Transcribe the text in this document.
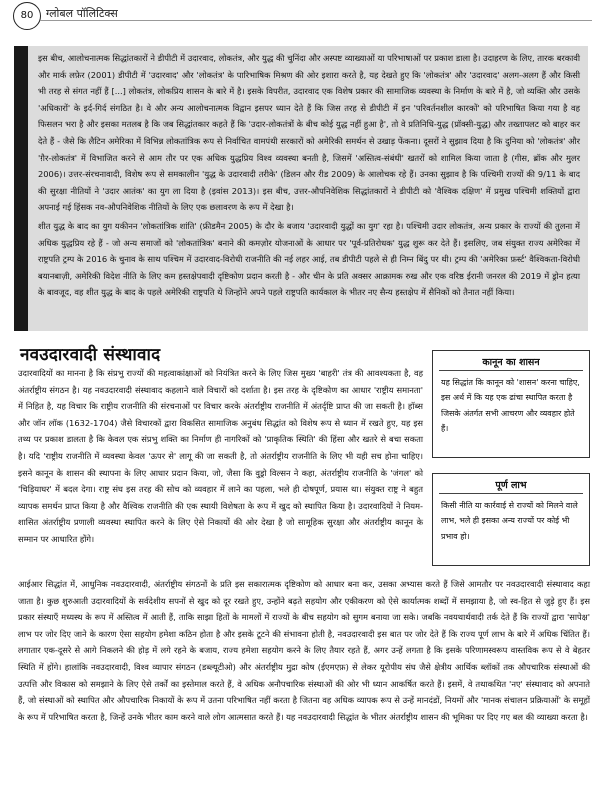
80	ग्लोबल पॉलिटिक्स

इस बीच, आलोचनात्मक सिद्धांतकारों ने डीपीटी में उदारवाद, लोकतंत्र, और युद्ध की चुनिंदा और अस्पष्ट व्याख्याओं या परिभाषाओं पर प्रकाश डाला है। उदाहरण के लिए, तारक बरकावी और मार्क लफ़ेर (2001) डीपीटी में 'उदारवाद' और 'लोकतंत्र' के पारिभाषिक मिश्रण की ओर इशारा करते है, यह देखते हुए कि 'लोकतंत्र' और 'उदारवाद' अलग-अलग हैं और किसी भी तरह से संगत नहीं हैं [...] लोकतंत्र, लोकप्रिय शासन के बारे में है। इसके विपरीत, उदारवाद एक विशेष प्रकार की सामाजिक व्यवस्था के निर्माण के बारे में है, जो व्यक्ति और उसके 'अधिकारों' के इर्द-गिर्द संगठित है। वे और अन्य आलोचनात्मक विद्वान इसपर ध्यान देते हैं कि जिस तरह से डीपीटी में इन 'परिवर्तनशील कारकों' को परिभाषित किया गया है वह फिसलन भरा है और इसका मतलब है कि जब सिद्धांतकार कहते हैं कि 'उदार-लोकतंत्रों के बीच कोई युद्ध नहीं हुआ है', तो वे प्रतिनिधि-युद्ध (प्रॉक्सी-युद्ध) और तख्तापलट को बाहर कर देते हैं - जैसे कि लैटिन अमेरिका में विभिन्न लोकतांत्रिक रूप से निर्वाचित वामपंथी सरकारों को अमेरिकी समर्थन से उखाड़ फेंकना। दूसरों ने सुझाव दिया है कि दुनिया को 'लोकतंत्र' और 'ग़ैर-लोकतंत्र' में विभाजित करने से आम तौर पर एक अधिक युद्धप्रिय विश्व व्यवस्था बनती है, जिसमें 'अस्तित्व-संबंधी' खतरों को शामिल किया जाता है (गीस, ब्रॉक और मुलर 2006)। उत्तर-संरचनावादी, विशेष रूप से समकालीन 'युद्ध के उदारवादी तरीके' (डिलन और रीड 2009) के आलोचक रहे हैं। उनका सुझाव है कि पश्चिमी राज्यों की 9/11 के बाद की सुरक्षा नीतियों ने 'उदार आतंक' का युग ला दिया है (इवांस 2013)। इस बीच, उत्तर-औपनिवेशिक सिद्धांतकारों ने डीपीटी को 'वैश्विक दक्षिण' में प्रमुख पश्चिमी शक्तियों द्वारा अपनाई गई हिंसक नव-औपनिवेशिक नीतियों के लिए एक छलावरण के रूप में देखा है।

शीत युद्ध के बाद का युग यकीनन 'लोकतांत्रिक शांति' (फ्रीडमैन 2005) के दौर के बजाय 'उदारवादी युद्धों का युग' रहा है। पश्चिमी उदार लोकतंत्र, अन्य प्रकार के राज्यों की तुलना में अधिक युद्धप्रिय रहे हैं - जो अन्य समाजों को 'लोकतांत्रिक' बनाने की कमज़ोर योजनाओं के आधार पर 'पूर्व-प्रतिरोधक' युद्ध शुरू कर देते हैं। इसलिए, जब संयुक्त राज्य अमेरिका में राष्ट्रपति ट्रम्प के 2016 के चुनाव के साथ पश्चिम में उदारवाद-विरोधी राजनीति की नई लहर आई, तब डीपीटी पहले से ही निम्न बिंदु पर थी। ट्रम्प की 'अमेरिका फ़र्स्ट' वैश्विकता-विरोधी बयानबाज़ी, अमेरिकी विदेश नीति के लिए कम हस्तक्षेपवादी दृष्टिकोण प्रदान करती है - और चीन के प्रति अक्सर आक्रामक रुख और एक वरिष्ठ ईरानी जनरल की 2019 में ड्रोन हत्या के बावजूद, वह शीत युद्ध के बाद के पहले अमेरिकी राष्ट्रपति थे जिन्होंने अपने पहले राष्ट्रपति कार्यकाल के भीतर नए सैन्य हस्तक्षेप में सैनिकों को तैनात नहीं किया।

नवउदारवादी संस्थावाद

उदारवादियों का मानना है कि संप्रभु राज्यों की महत्वाकांक्षाओं को नियंत्रित करने के लिए जिस मुख्य 'बाहरी' तंत्र की आवश्यकता है, वह अंतर्राष्ट्रीय संगठन है। यह नवउदारवादी संस्थावाद कहलाने वाले विचारों को दर्शाता है। इस तरह के दृष्टिकोण का आधार 'राष्ट्रीय समानता' में निहित है, यह विचार कि राष्ट्रीय राजनीति की संरचनाओं पर विचार करके अंतर्राष्ट्रीय राजनीति में अंतर्दृष्टि प्राप्त की जा सकती है। हॉब्स और जॉन लॉक (1632-1704) जैसे विचारकों द्वारा विकसित सामाजिक अनुबंध सिद्धांत को विशेष रूप से ध्यान में रखते हुए, यह इस तथ्य पर प्रकाश डालता है कि केवल एक संप्रभु शक्ति का निर्माण ही नागरिकों को 'प्राकृतिक स्थिति' की हिंसा और खतरे से बचा सकता है। यदि 'राष्ट्रीय राजनीति में व्यवस्था केवल 'ऊपर से' लागू की जा सकती है, तो अंतर्राष्ट्रीय राजनीति के लिए भी यही सच होना चाहिए। इसने कानून के शासन की स्थापना के लिए आधार प्रदान किया, जो, जैसा कि वुड्रो विल्सन ने कहा, अंतर्राष्ट्रीय राजनीति के 'जंगल' को 'चिड़ियाघर' में बदल देगा। राष्ट्र संघ इस तरह की सोच को व्यवहार में लाने का पहला, भले ही दोषपूर्ण, प्रयास था। संयुक्त राष्ट्र ने बहुत व्यापक समर्थन प्राप्त किया है और वैश्विक राजनीति की एक स्थायी विशेषता के रूप में खुद को स्थापित किया है। उदारवादियों ने नियम-शासित अंतर्राष्ट्रीय प्रणाली व्यवस्था स्थापित करने के लिए ऐसे निकायों की ओर देखा है जो सामूहिक सुरक्षा और अंतर्राष्ट्रीय कानून के सम्मान पर आधारित होंगे।

कानून का शासन
यह सिद्धांत कि कानून को 'शासन' करना चाहिए, इस अर्थ में कि यह एक ढांचा स्थापित करता है जिसके अंतर्गत सभी आचरण और व्यवहार होते हैं।
पूर्ण लाभ
किसी नीति या कार्रवाई से राज्यों को मिलने वाले लाभ, भले ही इसका अन्य राज्यों पर कोई भी प्रभाव हो।

आईआर सिद्धांत में, आधुनिक नवउदारवादी, अंतर्राष्ट्रीय संगठनों के प्रति इस सकारात्मक दृष्टिकोण को आधार बना कर, उसका अभ्यास करते हैं जिसे आमतौर पर नवउदारवादी संस्थावाद कहा जाता है। कुछ शुरुआती उदारवादियों के सर्वदेशीय सपनों से खुद को दूर रखते हुए, उन्होंने बढ़ते सहयोग और एकीकरण को ऐसे कार्यात्मक शब्दों में समझाया है, जो स्व-हित से जुड़े हुए हैं। इस प्रकार संस्थाएँ मध्यस्थ के रूप में अस्तित्व में आती हैं, ताकि साझा हितों के मामलों में राज्यों के बीच सहयोग को सुगम बनाया जा सके। जबकि नवयथार्थवादी तर्क देते हैं कि राज्यों द्वारा 'सापेक्ष' लाभ पर जोर दिए जाने के कारण ऐसा सहयोग हमेशा कठिन होता है और इसके टूटने की संभावना होती है, नवउदारवादी इस बात पर जोर देते हैं कि राज्य पूर्ण लाभ के बारे में अधिक चिंतित हैं। लगातार एक-दूसरे से आगे निकलने की होड़ में लगे रहने के बजाय, राज्य हमेशा सहयोग करने के लिए तैयार रहते हैं, अगर उन्हें लगता है कि इसके परिणामस्वरूप वास्तविक रूप से वे बेहतर स्थिति में होंगे। हालांकि नवउदारवादी, विश्व व्यापार संगठन (डब्ल्यूटीओ) और अंतर्राष्ट्रीय मुद्रा कोष (ईएमएफ़) से लेकर यूरोपीय संघ जैसे क्षेत्रीय आर्थिक ब्लॉकों तक औपचारिक संस्थाओं की उत्पत्ति और विकास को समझाने के लिए ऐसे तर्कों का इस्तेमाल करते हैं, वे अधिक अनौपचारिक संस्थाओं की ओर भी ध्यान आकर्षित करते हैं। इसमें, वे तथाकथित 'नए' संस्थावाद को अपनाते हैं, जो संस्थाओं को स्थापित और औपचारिक निकायों के रूप में उतना परिभाषित नहीं करता है जितना वह अधिक व्यापक रूप से उन्हें मानदंडों, नियमों और 'मानक संचालन प्रक्रियाओं' के समूहों के रूप में परिभाषित करता है, जिन्हें उनके भीतर काम करने वाले लोग आत्मसात करते हैं। यह नवउदारवादी सिद्धांत के भीतर अंतर्राष्ट्रीय शासन की भूमिका पर दिए गए बल की व्याख्या करता है।
